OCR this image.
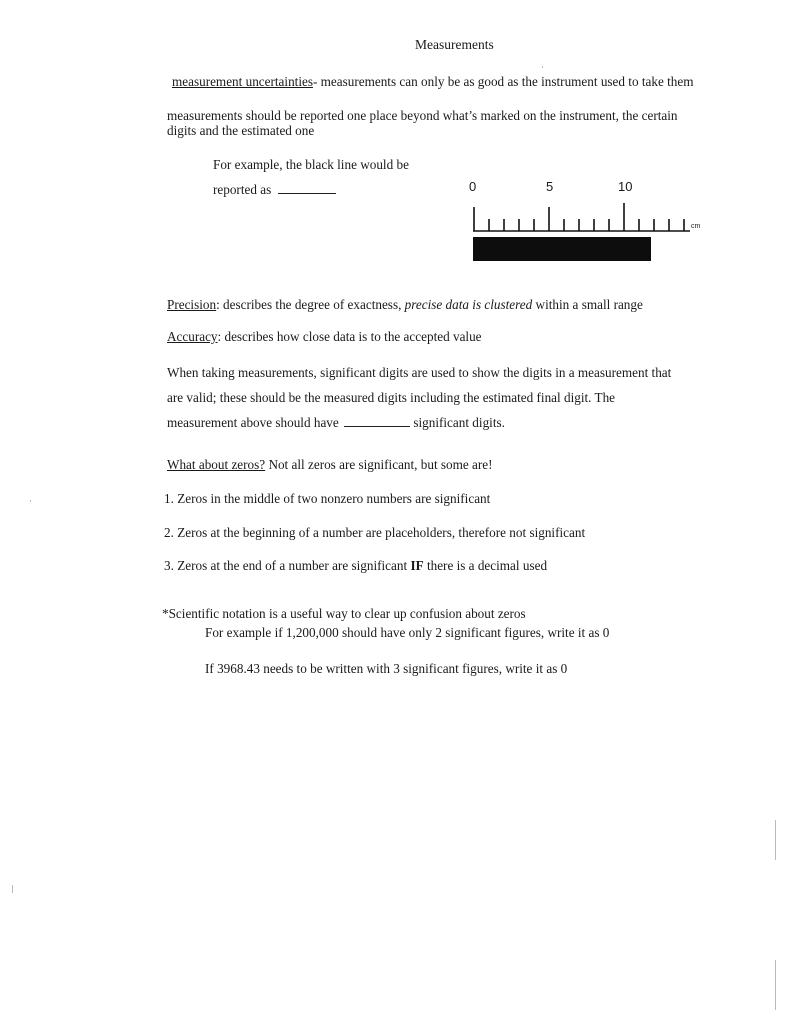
Measurements
measurement uncertainties- measurements can only be as good as the instrument used to take them
measurements should be reported one place beyond what’s marked on the instrument, the certain
digits and the estimated one
For example, the black line would be
reported as	0	5	10
cm
Precision: describes the degree of exactness, precise data is clustered within a small range
Accuracy: describes how close data is to the accepted value
When taking measurements, significant digits are used to show the digits in a measurement that
are valid; these should be the measured digits including the estimated final digit. The
measurement above should have	significant digits.
What about zeros? Not all zeros are significant, but some are!
1. Zeros in the middle of two nonzero numbers are significant
2. Zeros at the beginning of a number are placeholders, therefore not significant
3. Zeros at the end of a number are significant IF there is a decimal used
*Scientific notation is a useful way to clear up confusion about zeros
For example if 1,200,000 should have only 2 significant figures, write it as 0
If 3968.43 needs to be written with 3 significant figures, write it as 0
